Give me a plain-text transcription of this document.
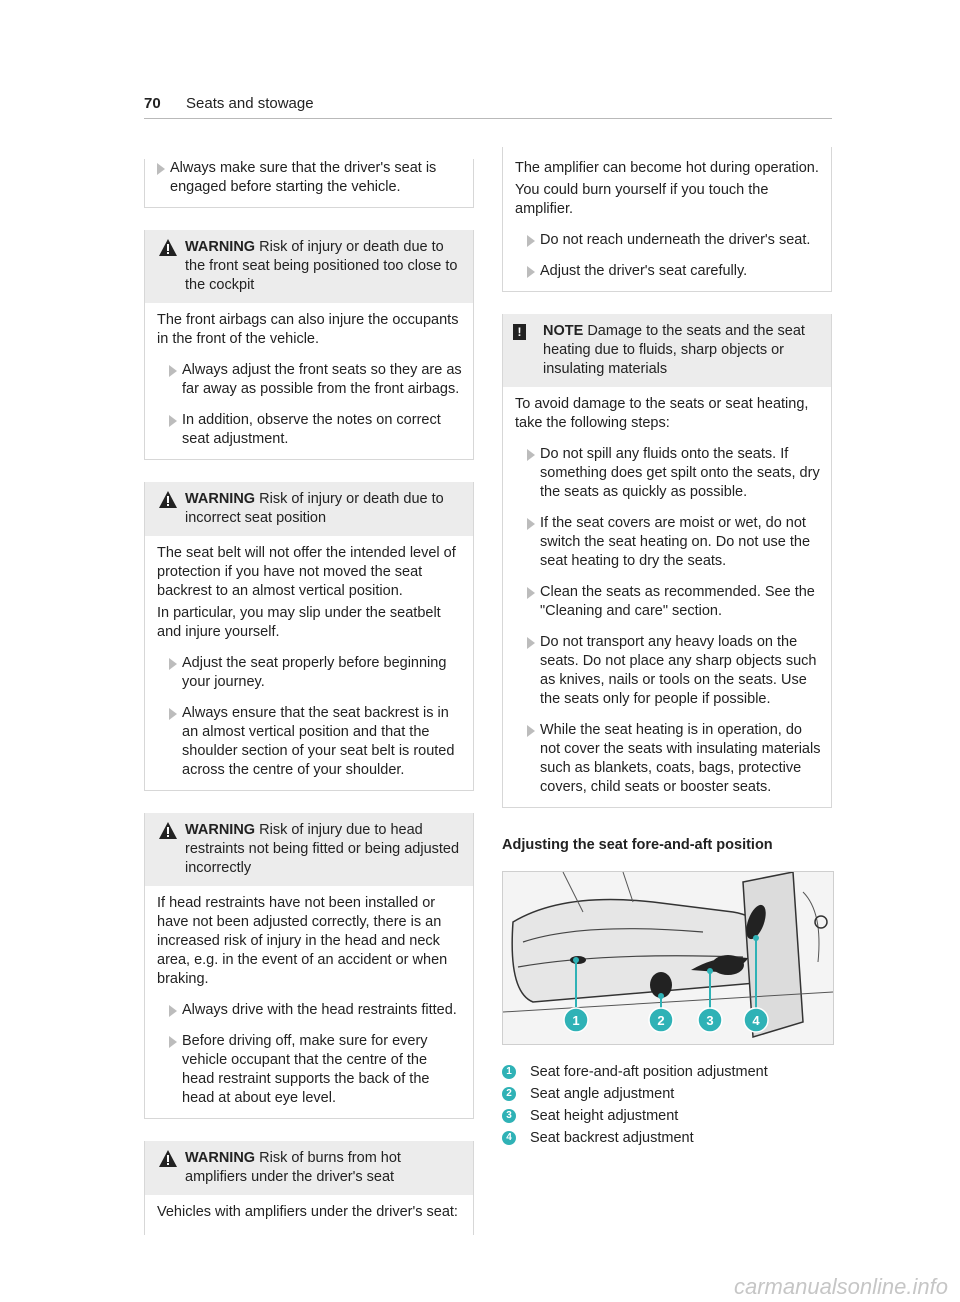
70 Seats and stowage
Always make sure that the driver's seat is engaged before starting the vehicle.
WARNING Risk of injury or death due to the front seat being positioned too close to the cockpit

The front airbags can also injure the occupants in the front of the vehicle.

Always adjust the front seats so they are as far away as possible from the front airbags.
In addition, observe the notes on correct seat adjustment.
WARNING Risk of injury or death due to incorrect seat position

The seat belt will not offer the intended level of protection if you have not moved the seat backrest to an almost vertical position.

In particular, you may slip under the seatbelt and injure yourself.

Adjust the seat properly before beginning your journey.
Always ensure that the seat backrest is in an almost vertical position and that the shoulder section of your seat belt is routed across the centre of your shoulder.
WARNING Risk of injury due to head restraints not being fitted or being adjusted incorrectly

If head restraints have not been installed or have not been adjusted correctly, there is an increased risk of injury in the head and neck area, e.g. in the event of an accident or when braking.

Always drive with the head restraints fitted.
Before driving off, make sure for every vehicle occupant that the centre of the head restraint supports the back of the head at about eye level.
WARNING Risk of burns from hot amplifiers under the driver's seat

Vehicles with amplifiers under the driver's seat:

The amplifier can become hot during operation.

You could burn yourself if you touch the amplifier.

Do not reach underneath the driver's seat.
Adjust the driver's seat carefully.
!	NOTE Damage to the seats and the seat heating due to fluids, sharp objects or insulating materials

To avoid damage to the seats or seat heating, take the following steps:

Do not spill any fluids onto the seats. If something does get spilt onto the seats, dry the seats as quickly as possible.
If the seat covers are moist or wet, do not switch the seat heating on. Do not use the seat heating to dry the seats.
Clean the seats as recommended. See the "Cleaning and care" section.
Do not transport any heavy loads on the seats. Do not place any sharp objects such as knives, nails or tools on the seats. Use the seats only for people if possible.
While the seat heating is in operation, do not cover the seats with insulating materials such as blankets, coats, bags, protective covers, child seats or booster seats.
Adjusting the seat fore-and-aft position
1	2	3	4
1 Seat fore-and-aft position adjustment
2 Seat angle adjustment
3 Seat height adjustment
4 Seat backrest adjustment
carmanualsonline.info
